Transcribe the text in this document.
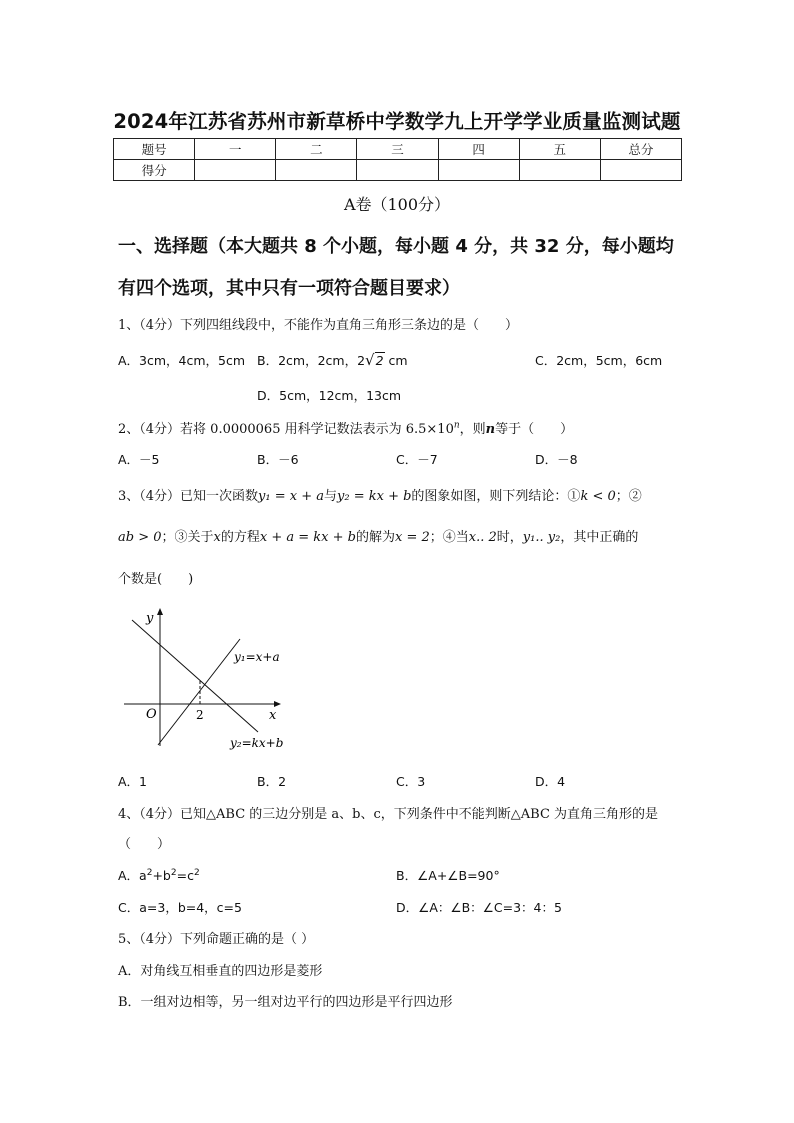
2024年江苏省苏州市新草桥中学数学九上开学学业质量监测试题
题号	一	二	三	四	五	总分
得分						
A卷（100分）
一、选择题（本大题共 8 个小题，每小题 4 分，共 32 分，每小题均
有四个选项，其中只有一项符合题目要求）
1、（4分）下列四组线段中，不能作为直角三角形三条边的是（　　）
A．3cm，4cm，5cm B．2cm，2cm，2√2 cm	C．2cm，5cm，6cm
D．5cm，12cm，13cm
2、（4分）若将 0.0000065 用科学记数法表示为 $6.5\times 10^n$，则n等于（　　）
A．－5	B．－6	C．－7	D．－8
3、（4分）已知一次函数y₁ = x + a与y₂ = kx + b的图象如图，则下列结论：①k < 0；②
ab > 0；③关于x的方程x + a = kx + b的解为x = 2；④当x.. 2时，y₁.. y₂，其中正确的
个数是(　　)
y
x
O	2
y₁=x+a
y₂=kx+b
A．1	B．2	C．3	D．4
4、（4分）已知△ABC 的三边分别是 a、b、c，下列条件中不能判断△ABC 为直角三角形的是
（　　）
A．$a^2+b^2=c^2$	B．∠A+∠B=90°
C．a=3，b=4，c=5	D．∠A：∠B：∠C=3：4：5
5、（4分）下列命题正确的是（ ）
A．对角线互相垂直的四边形是菱形
B．一组对边相等，另一组对边平行的四边形是平行四边形
